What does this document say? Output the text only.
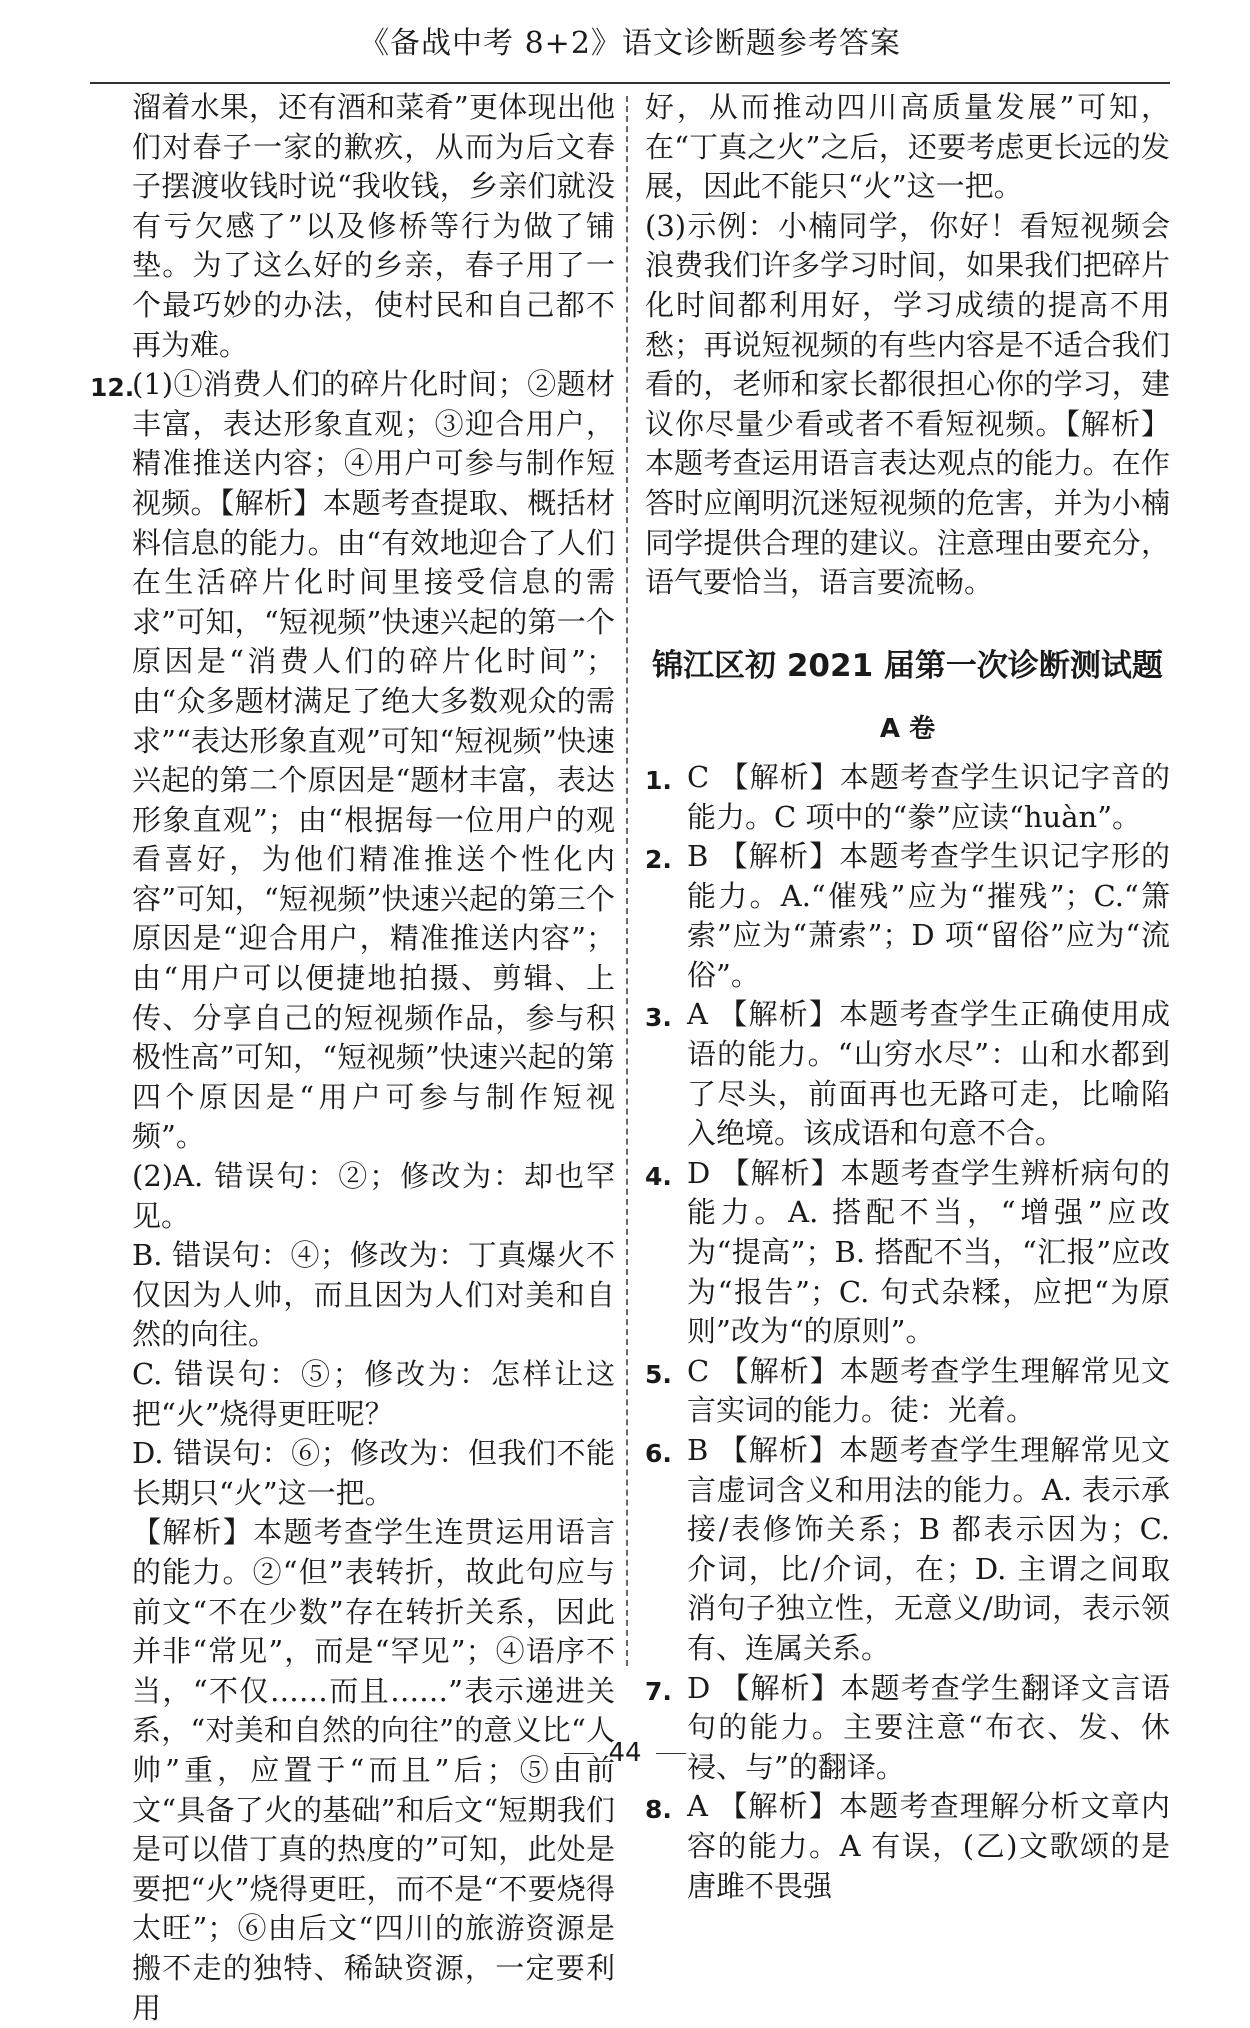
《备战中考 8+2》语文诊断题参考答案

溜着水果，还有酒和菜肴”更体现出他们对春子一家的歉疚，从而为后文春子摆渡收钱时说“我收钱，乡亲们就没有亏欠感了”以及修桥等行为做了铺垫。为了这么好的乡亲，春子用了一个最巧妙的办法，使村民和自己都不再为难。

12.

(1)①消费人们的碎片化时间；②题材丰富，表达形象直观；③迎合用户，精准推送内容；④用户可参与制作短视频。【解析】本题考查提取、概括材料信息的能力。由“有效地迎合了人们在生活碎片化时间里接受信息的需求”可知，“短视频”快速兴起的第一个原因是“消费人们的碎片化时间”；由“众多题材满足了绝大多数观众的需求”“表达形象直观”可知“短视频”快速兴起的第二个原因是“题材丰富，表达形象直观”；由“根据每一位用户的观看喜好，为他们精准推送个性化内容”可知，“短视频”快速兴起的第三个原因是“迎合用户，精准推送内容”；由“用户可以便捷地拍摄、剪辑、上传、分享自己的短视频作品，参与积极性高”可知，“短视频”快速兴起的第四个原因是“用户可参与制作短视频”。

(2)A. 错误句：②；修改为：却也罕见。

B. 错误句：④；修改为：丁真爆火不仅因为人帅，而且因为人们对美和自然的向往。

C. 错误句：⑤；修改为：怎样让这把“火”烧得更旺呢？

D. 错误句：⑥；修改为：但我们不能长期只“火”这一把。

【解析】本题考查学生连贯运用语言的能力。②“但”表转折，故此句应与前文“不在少数”存在转折关系，因此并非“常见”，而是“罕见”；④语序不当，“不仅……而且……”表示递进关系，“对美和自然的向往”的意义比“人帅”重，应置于“而且”后；⑤由前文“具备了火的基础”和后文“短期我们是可以借丁真的热度的”可知，此处是要把“火”烧得更旺，而不是“不要烧得太旺”；⑥由后文“四川的旅游资源是搬不走的独特、稀缺资源，一定要利用

好，从而推动四川高质量发展”可知，在“丁真之火”之后，还要考虑更长远的发展，因此不能只“火”这一把。

(3)示例：小楠同学，你好！看短视频会浪费我们许多学习时间，如果我们把碎片化时间都利用好，学习成绩的提高不用愁；再说短视频的有些内容是不适合我们看的，老师和家长都很担心你的学习，建议你尽量少看或者不看短视频。【解析】本题考查运用语言表达观点的能力。在作答时应阐明沉迷短视频的危害，并为小楠同学提供合理的建议。注意理由要充分，语气要恰当，语言要流畅。

锦江区初 2021 届第一次诊断测试题
A 卷
1. C 【解析】本题考查学生识记字音的能力。C 项中的“豢”应读“huàn”。
2. B 【解析】本题考查学生识记字形的能力。A.“催残”应为“摧残”；C.“箫索”应为“萧索”；D 项“留俗”应为“流俗”。
3. A 【解析】本题考查学生正确使用成语的能力。“山穷水尽”：山和水都到了尽头，前面再也无路可走，比喻陷入绝境。该成语和句意不合。
4. D 【解析】本题考查学生辨析病句的能力。A. 搭配不当，“增强”应改为“提高”；B. 搭配不当，“汇报”应改为“报告”；C. 句式杂糅，应把“为原则”改为“的原则”。
5. C 【解析】本题考查学生理解常见文言实词的能力。徒：光着。
6. B 【解析】本题考查学生理解常见文言虚词含义和用法的能力。A. 表示承接/表修饰关系；B 都表示因为；C. 介词，比/介词，在；D. 主谓之间取消句子独立性，无意义/助词，表示领有、连属关系。
7. D 【解析】本题考查学生翻译文言语句的能力。主要注意“布衣、发、休祲、与”的翻译。
8. A 【解析】本题考查理解分析文章内容的能力。A 有误，(乙)文歌颂的是唐雎不畏强
44
